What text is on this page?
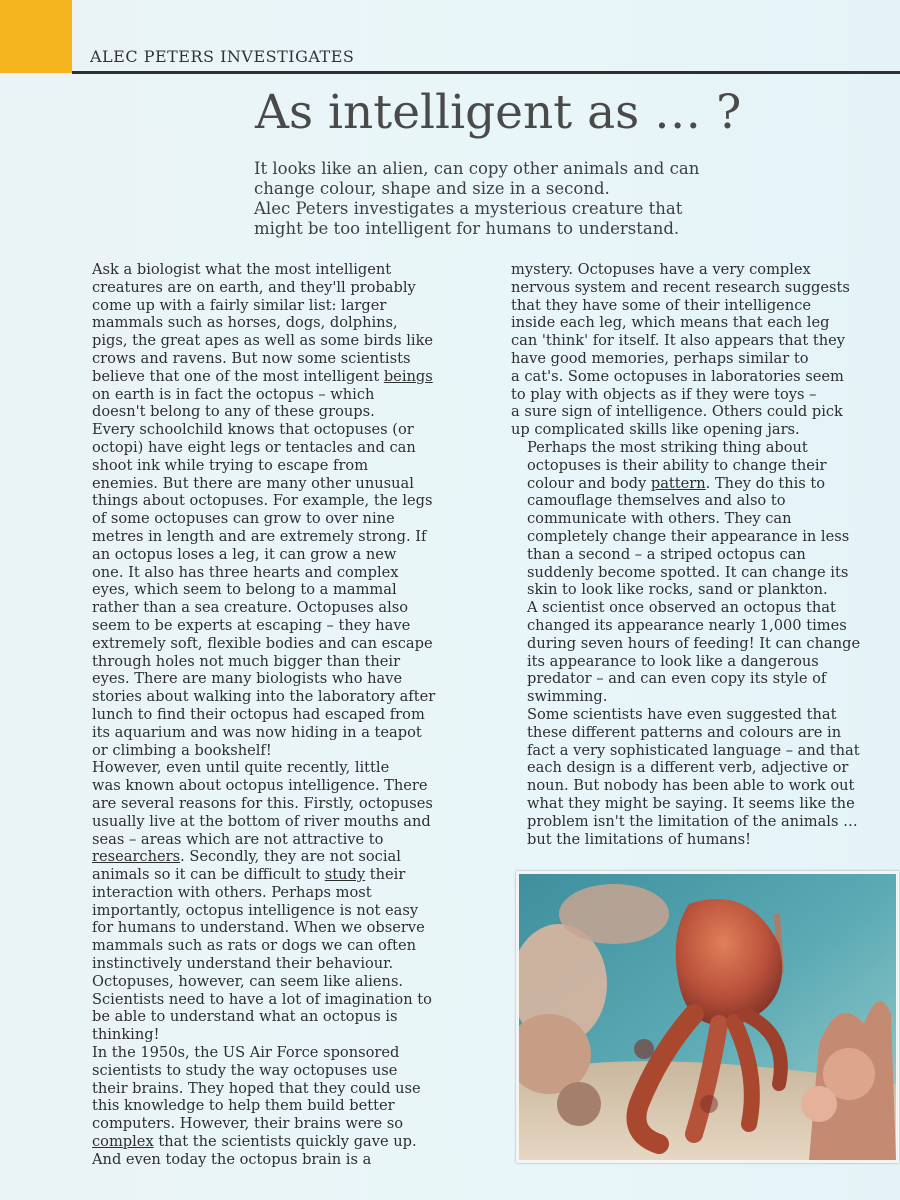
ALEC PETERS INVESTIGATES
As intelligent as … ?
It looks like an alien, can copy other animals and can
change colour, shape and size in a second.
Alec Peters investigates a mysterious creature that
might be too intelligent for humans to understand.

Ask a biologist what the most intelligent
creatures are on earth, and they'll probably
come up with a fairly similar list: larger
mammals such as horses, dogs, dolphins,
pigs, the great apes as well as some birds like
crows and ravens. But now some scientists
believe that one of the most intelligent beings
on earth is in fact the octopus – which
doesn't belong to any of these groups.

Every schoolchild knows that octopuses (or
octopi) have eight legs or tentacles and can
shoot ink while trying to escape from
enemies. But there are many other unusual
things about octopuses. For example, the legs
of some octopuses can grow to over nine
metres in length and are extremely strong. If
an octopus loses a leg, it can grow a new
one. It also has three hearts and complex
eyes, which seem to belong to a mammal
rather than a sea creature. Octopuses also
seem to be experts at escaping – they have
extremely soft, flexible bodies and can escape
through holes not much bigger than their
eyes. There are many biologists who have
stories about walking into the laboratory after
lunch to find their octopus had escaped from
its aquarium and was now hiding in a teapot
or climbing a bookshelf!

However, even until quite recently, little
was known about octopus intelligence. There
are several reasons for this. Firstly, octopuses
usually live at the bottom of river mouths and
seas – areas which are not attractive to
researchers. Secondly, they are not social
animals so it can be difficult to study their
interaction with others. Perhaps most
importantly, octopus intelligence is not easy
for humans to understand. When we observe
mammals such as rats or dogs we can often
instinctively understand their behaviour.
Octopuses, however, can seem like aliens.
Scientists need to have a lot of imagination to
be able to understand what an octopus is
thinking!

In the 1950s, the US Air Force sponsored
scientists to study the way octopuses use
their brains. They hoped that they could use
this knowledge to help them build better
computers. However, their brains were so
complex that the scientists quickly gave up.
And even today the octopus brain is a

mystery. Octopuses have a very complex
nervous system and recent research suggests
that they have some of their intelligence
inside each leg, which means that each leg
can 'think' for itself. It also appears that they
have good memories, perhaps similar to
a cat's. Some octopuses in laboratories seem
to play with objects as if they were toys –
a sure sign of intelligence. Others could pick
up complicated skills like opening jars.

Perhaps the most striking thing about
octopuses is their ability to change their
colour and body pattern. They do this to
camouflage themselves and also to
communicate with others. They can
completely change their appearance in less
than a second – a striped octopus can
suddenly become spotted. It can change its
skin to look like rocks, sand or plankton.
A scientist once observed an octopus that
changed its appearance nearly 1,000 times
during seven hours of feeding! It can change
its appearance to look like a dangerous
predator – and can even copy its style of
swimming.

Some scientists have even suggested that
these different patterns and colours are in
fact a very sophisticated language – and that
each design is a different verb, adjective or
noun. But nobody has been able to work out
what they might be saying. It seems like the
problem isn't the limitation of the animals …
but the limitations of humans!
